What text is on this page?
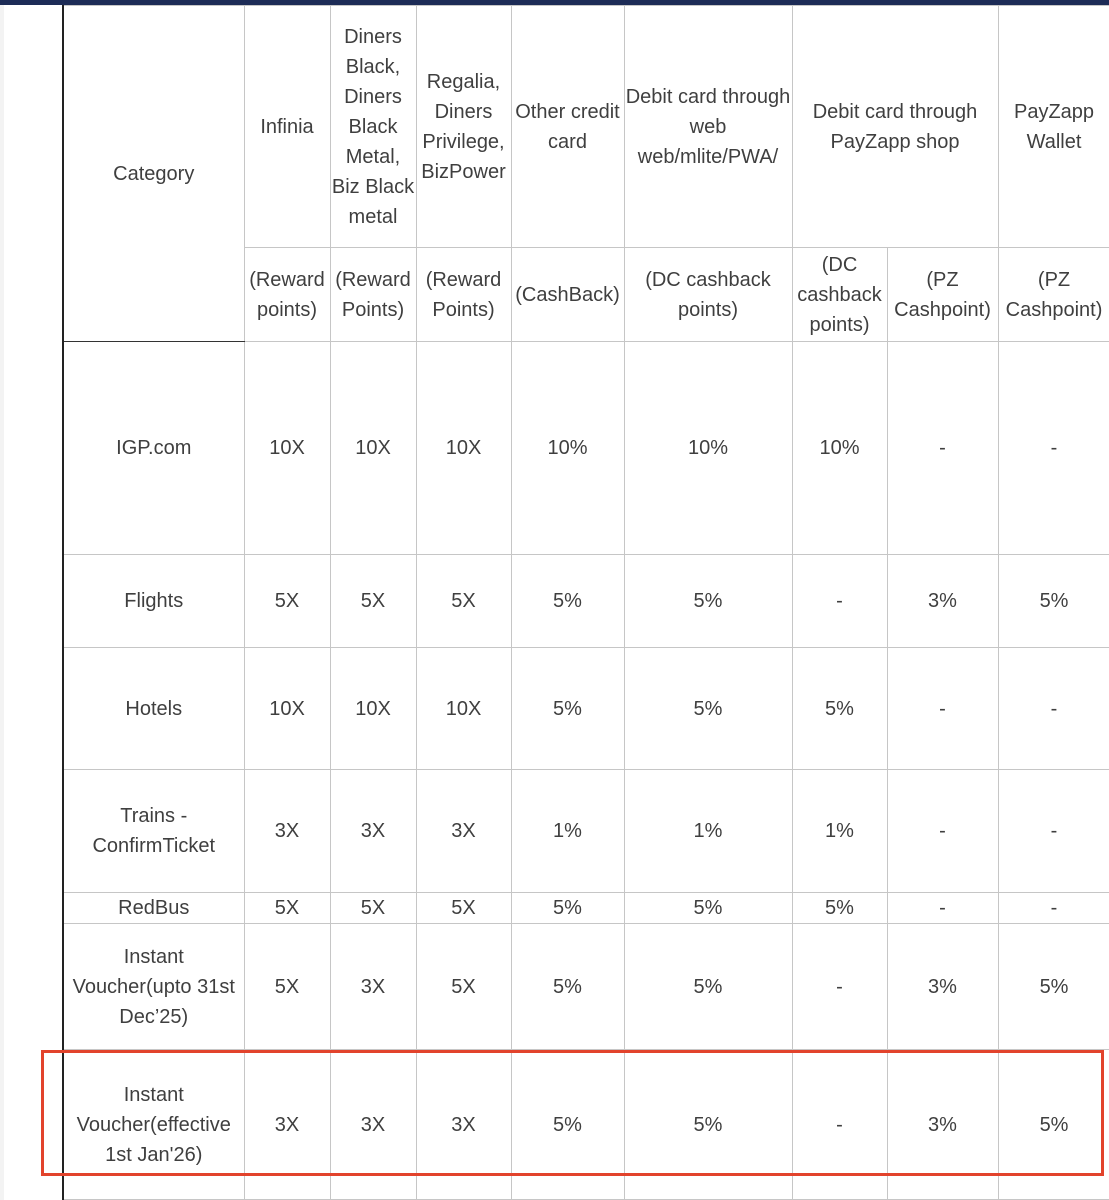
Category	Infinia	Diners Black, Diners Black Metal, Biz Black metal	Regalia, Diners Privilege, BizPower	Other credit card	Debit card through web web/mlite/PWA/	Debit card through PayZapp shop		PayZapp Wallet
	(Reward points)	(Reward Points)	(Reward Points)	(CashBack)	(DC cashback points)	(DC cashback points)	(PZ Cashpoint)	(PZ Cashpoint)
IGP.com	10X	10X	10X	10%	10%	10%	-	-
Flights	5X	5X	5X	5%	5%	-	3%	5%
Hotels	10X	10X	10X	5%	5%	5%	-	-
Trains - ConfirmTicket	3X	3X	3X	1%	1%	1%	-	-
RedBus	5X	5X	5X	5%	5%	5%	-	-
Instant Voucher(upto 31st Dec’25)	5X	3X	5X	5%	5%	-	3%	5%
Instant Voucher(effective 1st Jan'26)	3X	3X	3X	5%	5%	-	3%	5%
